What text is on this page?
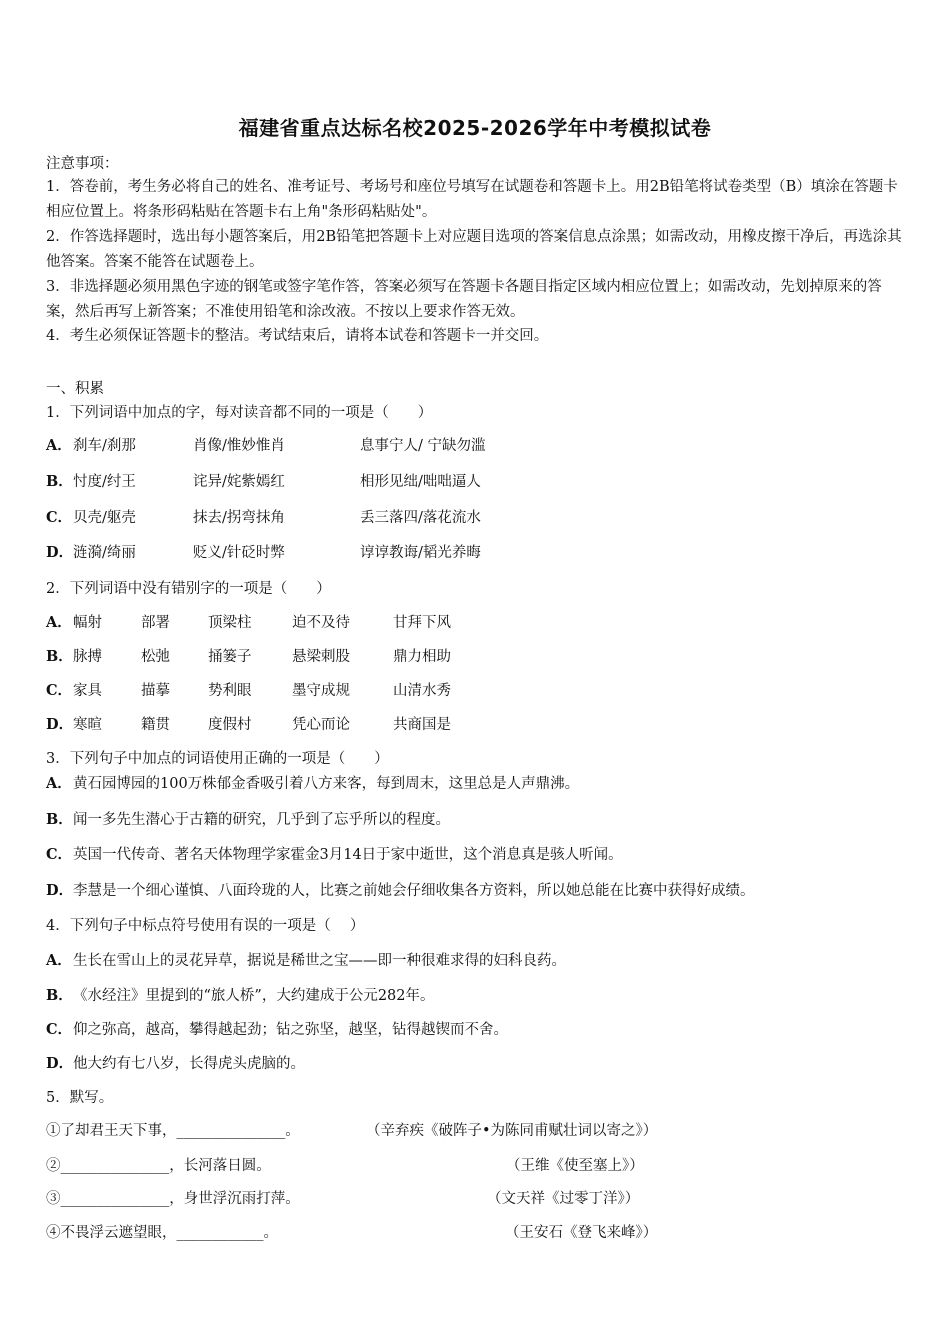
福建省重点达标名校2025-2026学年中考模拟试卷
注意事项：
1．答卷前，考生务必将自己的姓名、准考证号、考场号和座位号填写在试题卷和答题卡上。用2B铅笔将试卷类型（B）填涂在答题卡相应位置上。将条形码粘贴在答题卡右上角"条形码粘贴处"。
2．作答选择题时，选出每小题答案后，用2B铅笔把答题卡上对应题目选项的答案信息点涂黑；如需改动，用橡皮擦干净后，再选涂其他答案。答案不能答在试题卷上。
3．非选择题必须用黑色字迹的钢笔或签字笔作答，答案必须写在答题卡各题目指定区域内相应位置上；如需改动，先划掉原来的答案，然后再写上新答案；不准使用铅笔和涂改液。不按以上要求作答无效。
4．考生必须保证答题卡的整洁。考试结束后，请将本试卷和答题卡一并交回。
一、积累
1．下列词语中加点的字，每对读音都不同的一项是（　　）
A．刹车/刹那	肖像/惟妙惟肖	息事宁人/ 宁缺勿滥
B．忖度/纣王	诧异/姹紫嫣红	相形见绌/咄咄逼人
C．贝壳/躯壳	抹去/拐弯抹角	丢三落四/落花流水
D．涟漪/绮丽	贬义/针砭时弊	谆谆教诲/韬光养晦
2．下列词语中没有错别字的一项是（　　）
A．幅射	部署	顶梁柱	迫不及待	甘拜下风
B．脉搏	松弛	捅篓子	悬梁刺股	鼎力相助
C．家具	描摹	势利眼	墨守成规	山清水秀
D．寒暄	籍贯	度假村	凭心而论	共商国是
3．下列句子中加点的词语使用正确的一项是（　　）
A．黄石园博园的100万株郁金香吸引着八方来客，每到周末，这里总是人声鼎沸。
B．闻一多先生潜心于古籍的研究，几乎到了忘乎所以的程度。
C．英国一代传奇、著名天体物理学家霍金3月14日于家中逝世，这个消息真是骇人听闻。
D．李慧是一个细心谨慎、八面玲珑的人，比赛之前她会仔细收集各方资料，所以她总能在比赛中获得好成绩。
4．下列句子中标点符号使用有误的一项是（　 ）
A．生长在雪山上的灵花异草，据说是稀世之宝——即一种很难求得的妇科良药。
B．《水经注》里提到的“旅人桥”，大约建成于公元282年。
C．仰之弥高，越高，攀得越起劲；钻之弥坚，越坚，钻得越锲而不舍。
D．他大约有七八岁，长得虎头虎脑的。
5．默写。
①了却君王天下事，_______________。	（辛弃疾《破阵子•为陈同甫赋壮词以寄之》）
②_______________，长河落日圆。	（王维《使至塞上》）
③_______________，身世浮沉雨打萍。	（文天祥《过零丁洋》）
④不畏浮云遮望眼，____________。	（王安石《登飞来峰》）
